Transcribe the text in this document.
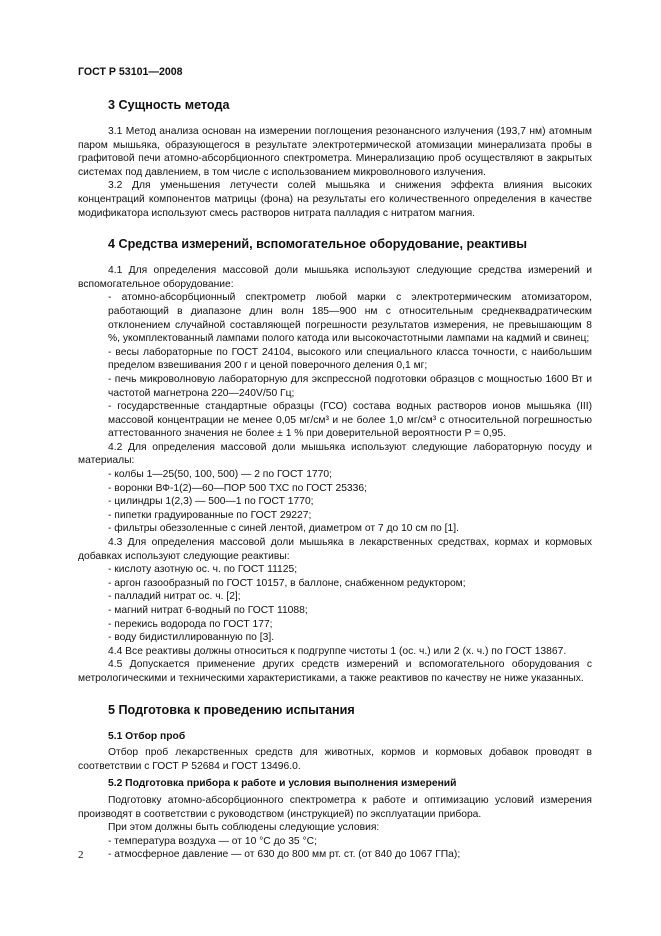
ГОСТ Р 53101—2008
3 Сущность метода

3.1 Метод анализа основан на измерении поглощения резонансного излучения (193,7 нм) атомным паром мышьяка, образующегося в результате электротермической атомизации минерализата пробы в графитовой печи атомно-абсорбционного спектрометра. Минерализацию проб осуществляют в закрытых системах под давлением, в том числе с использованием микроволнового излучения.

3.2 Для уменьшения летучести солей мышьяка и снижения эффекта влияния высоких концентраций компонентов матрицы (фона) на результаты его количественного определения в качестве модификатора используют смесь растворов нитрата палладия с нитратом магния.

4 Средства измерений, вспомогательное оборудование, реактивы

4.1 Для определения массовой доли мышьяка используют следующие средства измерений и вспомогательное оборудование:

- атомно-абсорбционный спектрометр любой марки с электротермическим атомизатором, работающий в диапазоне длин волн 185—900 нм с относительным среднеквадратическим отклонением случайной составляющей погрешности результатов измерения, не превышающим 8 %, укомплектованный лампами полого катода или высокочастотными лампами на кадмий и свинец;

- весы лабораторные по ГОСТ 24104, высокого или специального класса точности, с наибольшим пределом взвешивания 200 г и ценой поверочного деления 0,1 мг;

- печь микроволновую лабораторную для экспрессной подготовки образцов с мощностью 1600 Вт и частотой магнетрона 220—240V/50 Гц;

- государственные стандартные образцы (ГСО) состава водных растворов ионов мышьяка (III) массовой концентрации не менее 0,05 мг/см³ и не более 1,0 мг/см³ с относительной погрешностью аттестованного значения не более ± 1 % при доверительной вероятности P = 0,95.

4.2 Для определения массовой доли мышьяка используют следующие лабораторную посуду и материалы:

- колбы 1—25(50, 100, 500) — 2 по ГОСТ 1770;

- воронки ВФ-1(2)—60—ПОР 500 ТХС по ГОСТ 25336;

- цилиндры 1(2,3) — 500—1 по ГОСТ 1770;

- пипетки градуированные по ГОСТ 29227;

- фильтры обеззоленные с синей лентой, диаметром от 7 до 10 см по [1].

4.3 Для определения массовой доли мышьяка в лекарственных средствах, кормах и кормовых добавках используют следующие реактивы:

- кислоту азотную ос. ч. по ГОСТ 11125;

- аргон газообразный по ГОСТ 10157, в баллоне, снабженном редуктором;

- палладий нитрат ос. ч. [2];

- магний нитрат 6-водный по ГОСТ 11088;

- перекись водорода по ГОСТ 177;

- воду бидистиллированную по [3].

4.4 Все реактивы должны относиться к подгруппе чистоты 1 (ос. ч.) или 2 (х. ч.) по ГОСТ 13867.

4.5 Допускается применение других средств измерений и вспомогательного оборудования с метрологическими и техническими характеристиками, а также реактивов по качеству не ниже указанных.

5 Подготовка к проведению испытания
5.1 Отбор проб

Отбор проб лекарственных средств для животных, кормов и кормовых добавок проводят в соответствии с ГОСТ Р 52684 и ГОСТ 13496.0.

5.2 Подготовка прибора к работе и условия выполнения измерений

Подготовку атомно-абсорбционного спектрометра к работе и оптимизацию условий измерения производят в соответствии с руководством (инструкцией) по эксплуатации прибора.

При этом должны быть соблюдены следующие условия:

- температура воздуха — от 10 °С до 35 °С;

- атмосферное давление — от 630 до 800 мм рт. ст. (от 840 до 1067 ГПа);

2
